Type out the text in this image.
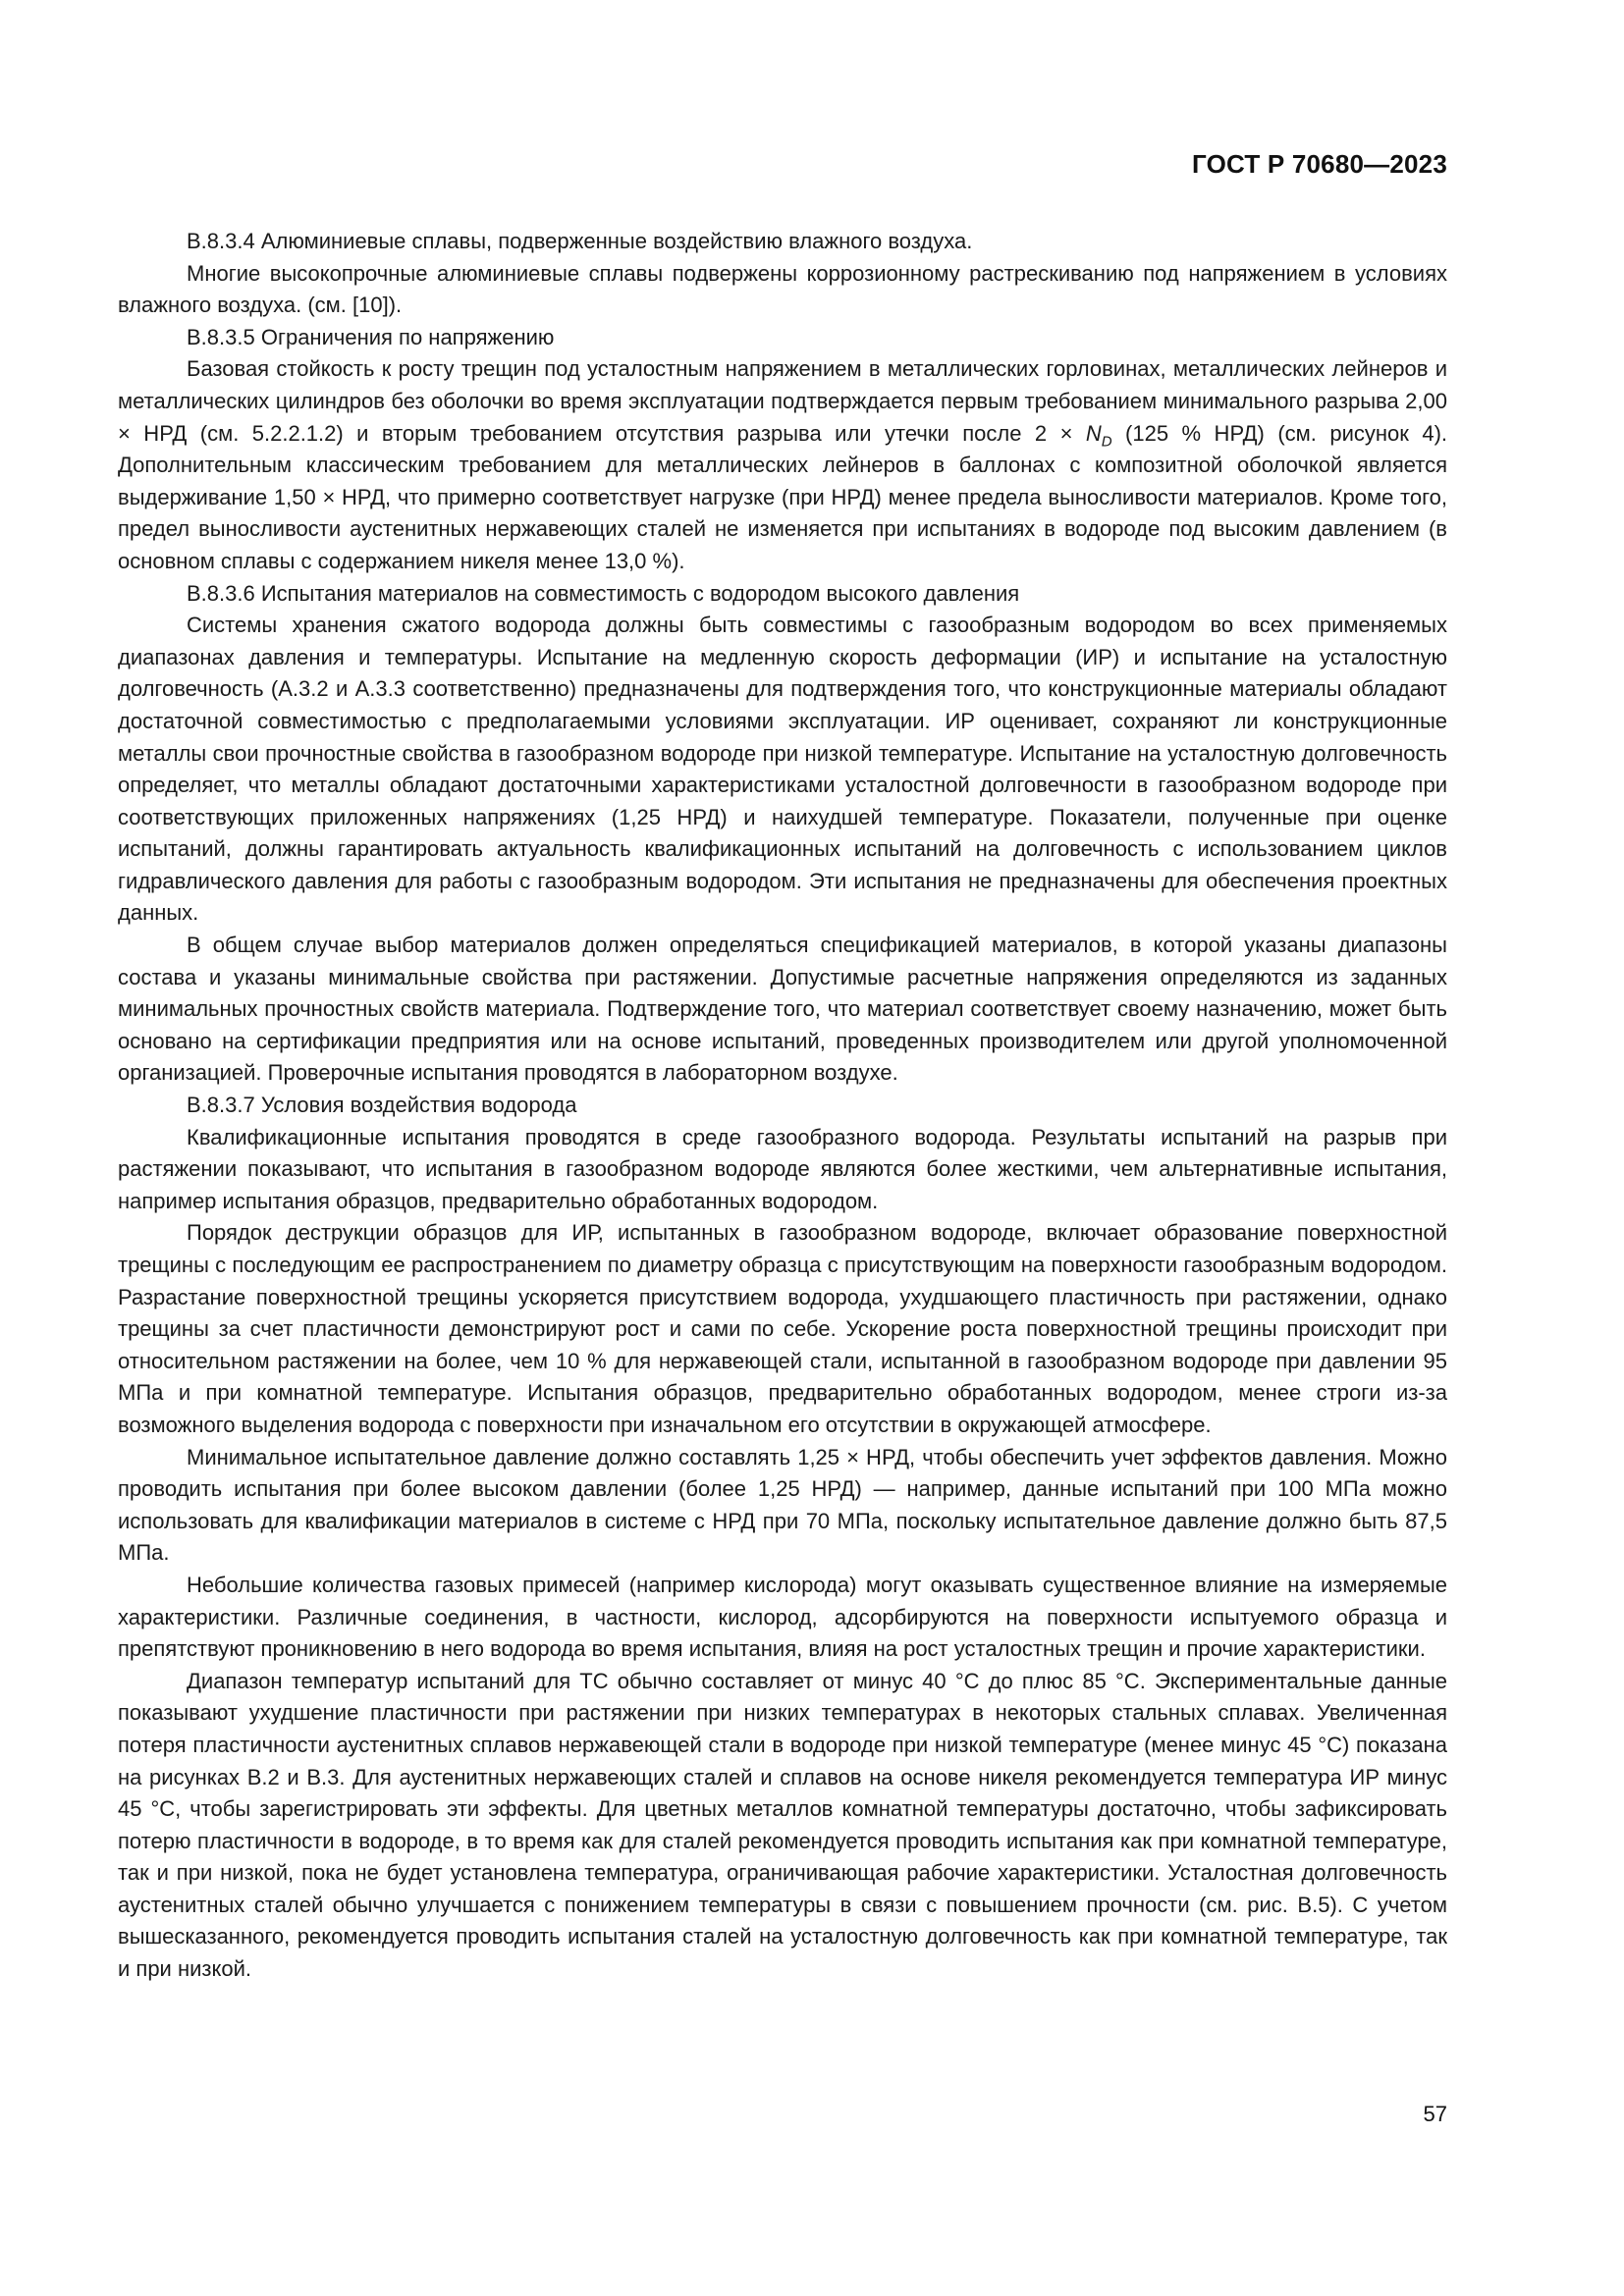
ГОСТ Р 70680—2023

В.8.3.4 Алюминиевые сплавы, подверженные воздействию влажного воздуха.

Многие высокопрочные алюминиевые сплавы подвержены коррозионному растрескиванию под напряжением в условиях влажного воздуха. (см. [10]).

В.8.3.5 Ограничения по напряжению

Базовая стойкость к росту трещин под усталостным напряжением в металлических горловинах, металлических лейнеров и металлических цилиндров без оболочки во время эксплуатации подтверждается первым требованием минимального разрыва 2,00 × НРД (см. 5.2.2.1.2) и вторым требованием отсутствия разрыва или утечки после $2 \times N_D$ (125 % НРД) (см. рисунок 4). Дополнительным классическим требованием для металлических лейнеров в баллонах с композитной оболочкой является выдерживание 1,50 × НРД, что примерно соответствует нагрузке (при НРД) менее предела выносливости материалов. Кроме того, предел выносливости аустенитных нержавеющих сталей не изменяется при испытаниях в водороде под высоким давлением (в основном сплавы с содержанием никеля менее 13,0 %).

В.8.3.6 Испытания материалов на совместимость с водородом высокого давления

Системы хранения сжатого водорода должны быть совместимы с газообразным водородом во всех применяемых диапазонах давления и температуры. Испытание на медленную скорость деформации (ИР) и испытание на усталостную долговечность (А.3.2 и А.3.3 соответственно) предназначены для подтверждения того, что конструкционные материалы обладают достаточной совместимостью с предполагаемыми условиями эксплуатации. ИР оценивает, сохраняют ли конструкционные металлы свои прочностные свойства в газообразном водороде при низкой температуре. Испытание на усталостную долговечность определяет, что металлы обладают достаточными характеристиками усталостной долговечности в газообразном водороде при соответствующих приложенных напряжениях (1,25 НРД) и наихудшей температуре. Показатели, полученные при оценке испытаний, должны гарантировать актуальность квалификационных испытаний на долговечность с использованием циклов гидравлического давления для работы с газообразным водородом. Эти испытания не предназначены для обеспечения проектных данных.

В общем случае выбор материалов должен определяться спецификацией материалов, в которой указаны диапазоны состава и указаны минимальные свойства при растяжении. Допустимые расчетные напряжения определяются из заданных минимальных прочностных свойств материала. Подтверждение того, что материал соответствует своему назначению, может быть основано на сертификации предприятия или на основе испытаний, проведенных производителем или другой уполномоченной организацией. Проверочные испытания проводятся в лабораторном воздухе.

В.8.3.7 Условия воздействия водорода

Квалификационные испытания проводятся в среде газообразного водорода. Результаты испытаний на разрыв при растяжении показывают, что испытания в газообразном водороде являются более жесткими, чем альтернативные испытания, например испытания образцов, предварительно обработанных водородом.

Порядок деструкции образцов для ИР, испытанных в газообразном водороде, включает образование поверхностной трещины с последующим ее распространением по диаметру образца с присутствующим на поверхности газообразным водородом. Разрастание поверхностной трещины ускоряется присутствием водорода, ухудшающего пластичность при растяжении, однако трещины за счет пластичности демонстрируют рост и сами по себе. Ускорение роста поверхностной трещины происходит при относительном растяжении на более, чем 10 % для нержавеющей стали, испытанной в газообразном водороде при давлении 95 МПа и при комнатной температуре. Испытания образцов, предварительно обработанных водородом, менее строги из-за возможного выделения водорода с поверхности при изначальном его отсутствии в окружающей атмосфере.

Минимальное испытательное давление должно составлять 1,25 × НРД, чтобы обеспечить учет эффектов давления. Можно проводить испытания при более высоком давлении (более 1,25 НРД) — например, данные испытаний при 100 МПа можно использовать для квалификации материалов в системе с НРД при 70 МПа, поскольку испытательное давление должно быть 87,5 МПа.

Небольшие количества газовых примесей (например кислорода) могут оказывать существенное влияние на измеряемые характеристики. Различные соединения, в частности, кислород, адсорбируются на поверхности испытуемого образца и препятствуют проникновению в него водорода во время испытания, влияя на рост усталостных трещин и прочие характеристики.

Диапазон температур испытаний для ТС обычно составляет от минус 40 °С до плюс 85 °С. Экспериментальные данные показывают ухудшение пластичности при растяжении при низких температурах в некоторых стальных сплавах. Увеличенная потеря пластичности аустенитных сплавов нержавеющей стали в водороде при низкой температуре (менее минус 45 °С) показана на рисунках В.2 и В.3. Для аустенитных нержавеющих сталей и сплавов на основе никеля рекомендуется температура ИР минус 45 °С, чтобы зарегистрировать эти эффекты. Для цветных металлов комнатной температуры достаточно, чтобы зафиксировать потерю пластичности в водороде, в то время как для сталей рекомендуется проводить испытания как при комнатной температуре, так и при низкой, пока не будет установлена температура, ограничивающая рабочие характеристики. Усталостная долговечность аустенитных сталей обычно улучшается с понижением температуры в связи с повышением прочности (см. рис. В.5). С учетом вышесказанного, рекомендуется проводить испытания сталей на усталостную долговечность как при комнатной температуре, так и при низкой.

57
